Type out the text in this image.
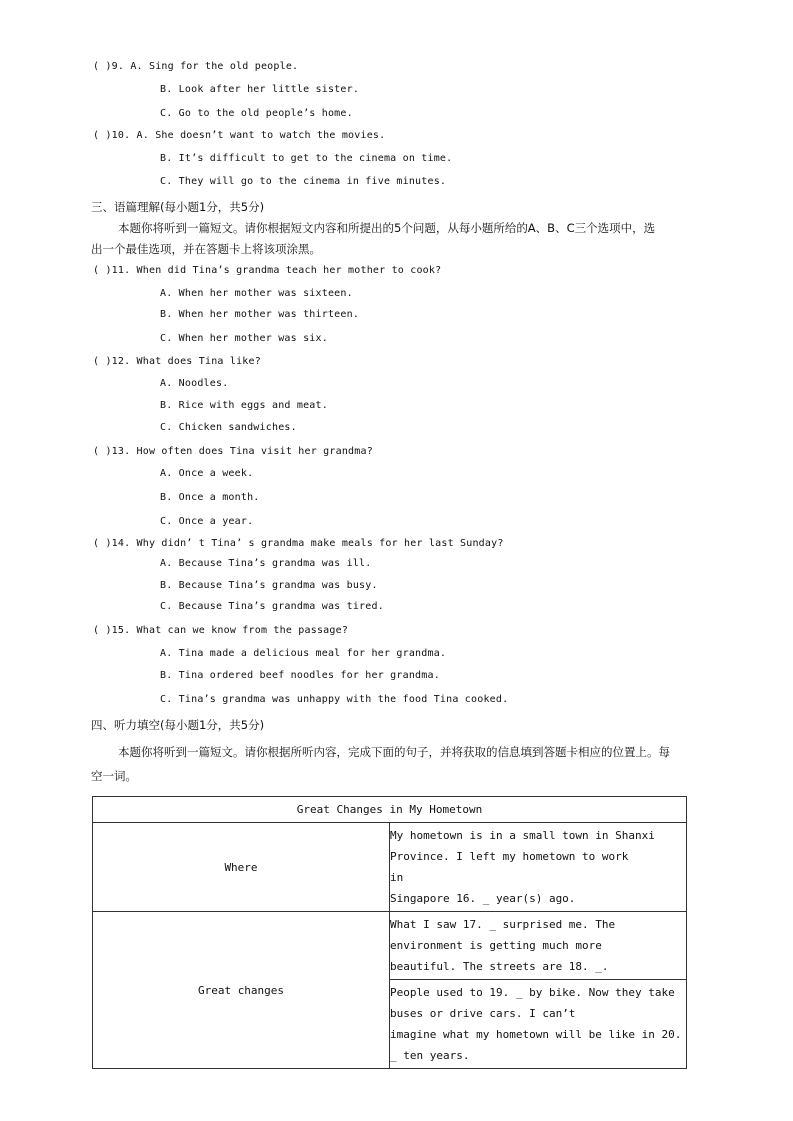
( )9. A. Sing for the old people.
B. Look after her little sister.
C. Go to the old people’s home.
( )10. A. She doesn’t want to watch the movies.
B. It’s difficult to get to the cinema on time.
C. They will go to the cinema in five minutes.
三、语篇理解(每小题1分，共5分)
本题你将听到一篇短文。请你根据短文内容和所提出的5个问题，从每小题所给的A、B、C三个选项中，选
出一个最佳选项，并在答题卡上将该项涂黑。
( )11. When did Tina’s grandma teach her mother to cook?
A. When her mother was sixteen.
B. When her mother was thirteen.
C. When her mother was six.
( )12. What does Tina like?
A. Noodles.
B. Rice with eggs and meat.
C. Chicken sandwiches.
( )13. How often does Tina visit her grandma?
A. Once a week.
B. Once a month.
C. Once a year.
( )14. Why didn’ t Tina’ s grandma make meals for her last Sunday?
A. Because Tina’s grandma was ill.
B. Because Tina’s grandma was busy.
C. Because Tina’s grandma was tired.
( )15. What can we know from the passage?
A. Tina made a delicious meal for her grandma.
B. Tina ordered beef noodles for her grandma.
C. Tina’s grandma was unhappy with the food Tina cooked.
四、听力填空(每小题1分，共5分)
本题你将听到一篇短文。请你根据所听内容，完成下面的句子，并将获取的信息填到答题卡相应的位置上。每
空一词。
Great Changes in My Hometown	
Where	My hometown is in a small town in Shanxi Province. I left my hometown to work
in
Singapore 16. _ year(s) ago.

Great changes	What I saw 17. _ surprised me. The environment is getting much more
beautiful. The streets are 18. _.

	People used to 19. _ by bike. Now they take buses or drive cars. I can’t
imagine what my hometown will be like in 20. _ ten years.
